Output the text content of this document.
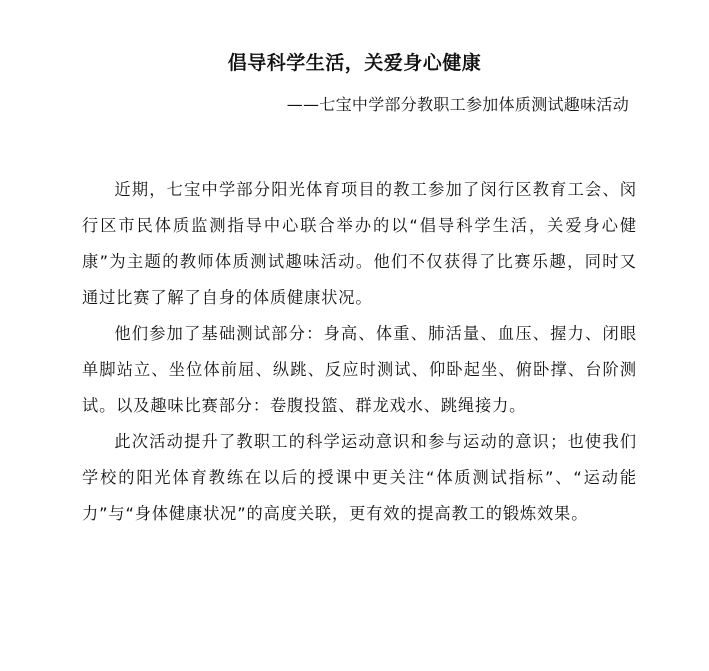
倡导科学生活，关爱身心健康

——七宝中学部分教职工参加体质测试趣味活动

近期，七宝中学部分阳光体育项目的教工参加了闵行区教育工会、闵行区市民体质监测指导中心联合举办的以“倡导科学生活，关爱身心健康”为主题的教师体质测试趣味活动。他们不仅获得了比赛乐趣，同时又通过比赛了解了自身的体质健康状况。

他们参加了基础测试部分：身高、体重、肺活量、血压、握力、闭眼单脚站立、坐位体前屈、纵跳、反应时测试、仰卧起坐、俯卧撑、台阶测试。以及趣味比赛部分：卷腹投篮、群龙戏水、跳绳接力。

此次活动提升了教职工的科学运动意识和参与运动的意识；也使我们学校的阳光体育教练在以后的授课中更关注“体质测试指标”、“运动能力”与“身体健康状况”的高度关联，更有效的提高教工的锻炼效果。
